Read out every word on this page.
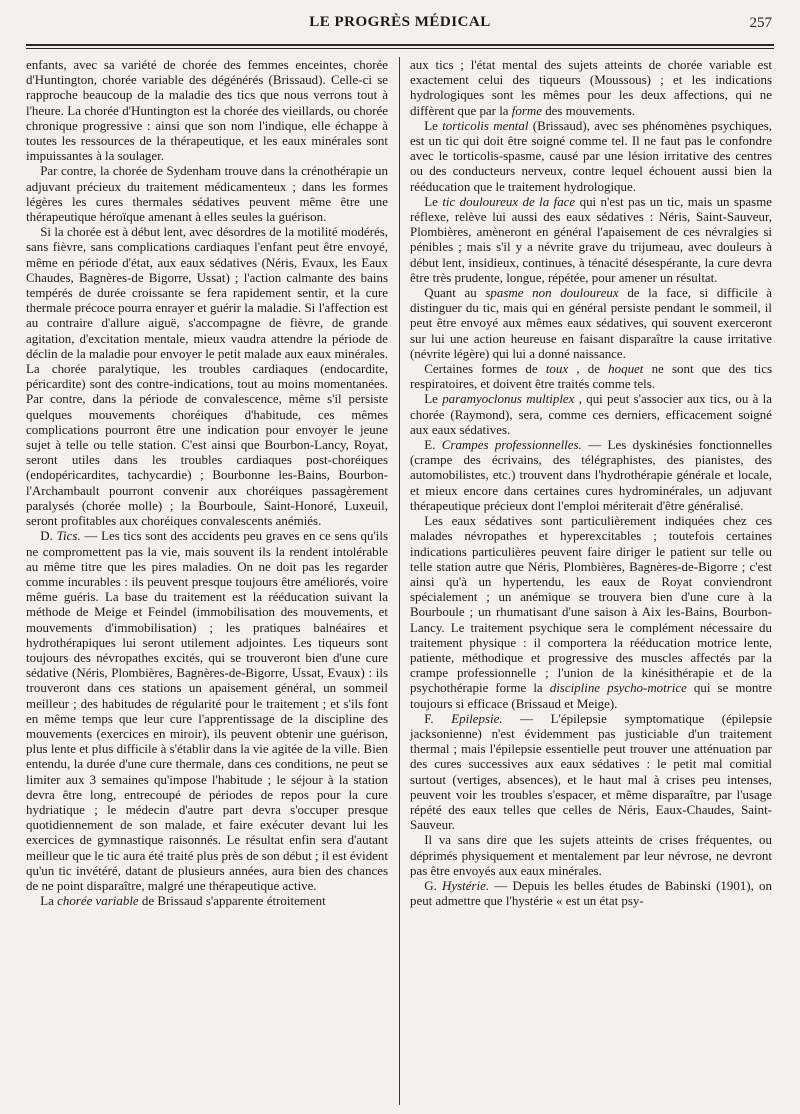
LE PROGRÈS MÉDICAL	257

enfants, avec sa variété de chorée des femmes enceintes, chorée d'Huntington, chorée variable des dégénérés (Brissaud). Celle-ci se rapproche beaucoup de la maladie des tics que nous verrons tout à l'heure. La chorée d'Huntington est la chorée des vieillards, ou chorée chronique progressive : ainsi que son nom l'indique, elle échappe à toutes les ressources de la thérapeutique, et les eaux minérales sont impuissantes à la soulager.

Par contre, la chorée de Sydenham trouve dans la crénothérapie un adjuvant précieux du traitement médicamenteux ; dans les formes légères les cures thermales sédatives peuvent même être une thérapeutique héroïque amenant à elles seules la guérison.

Si la chorée est à début lent, avec désordres de la motilité modérés, sans fièvre, sans complications cardiaques l'enfant peut être envoyé, même en période d'état, aux eaux sédatives (Néris, Evaux, les Eaux Chaudes, Bagnères-de Bigorre, Ussat) ; l'action calmante des bains tempérés de durée croissante se fera rapidement sentir, et la cure thermale précoce pourra enrayer et guérir la maladie. Si l'affection est au contraire d'allure aiguë, s'accompagne de fièvre, de grande agitation, d'excitation mentale, mieux vaudra attendre la période de déclin de la maladie pour envoyer le petit malade aux eaux minérales. La chorée paralytique, les troubles cardiaques (endocardite, péricardite) sont des contre-indications, tout au moins momentanées. Par contre, dans la période de convalescence, même s'il persiste quelques mouvements choréiques d'habitude, ces mêmes complications pourront être une indication pour envoyer le jeune sujet à telle ou telle station. C'est ainsi que Bourbon-Lancy, Royat, seront utiles dans les troubles cardiaques post-choréiques (endopéricardites, tachycardie) ; Bourbonne les-Bains, Bourbon-l'Archambault pourront convenir aux choréiques passagèrement paralysés (chorée molle) ; la Bourboule, Saint-Honoré, Luxeuil, seront profitables aux choréiques convalescents anémiés.

D. Tics. — Les tics sont des accidents peu graves en ce sens qu'ils ne compromettent pas la vie, mais souvent ils la rendent intolérable au même titre que les pires maladies. On ne doit pas les regarder comme incurables : ils peuvent presque toujours être améliorés, voire même guéris. La base du traitement est la rééducation suivant la méthode de Meige et Feindel (immobilisation des mouvements, et mouvements d'immobilisation) ; les pratiques balnéaires et hydrothérapiques lui seront utilement adjointes. Les tiqueurs sont toujours des névropathes excités, qui se trouveront bien d'une cure sédative (Néris, Plombières, Bagnères-de-Bigorre, Ussat, Evaux) : ils trouveront dans ces stations un apaisement général, un sommeil meilleur ; des habitudes de régularité pour le traitement ; et s'ils font en même temps que leur cure l'apprentissage de la discipline des mouvements (exercices en miroir), ils peuvent obtenir une guérison, plus lente et plus difficile à s'établir dans la vie agitée de la ville. Bien entendu, la durée d'une cure thermale, dans ces conditions, ne peut se limiter aux 3 semaines qu'impose l'habitude ; le séjour à la station devra être long, entrecoupé de périodes de repos pour la cure hydriatique ; le médecin d'autre part devra s'occuper presque quotidiennement de son malade, et faire exécuter devant lui les exercices de gymnastique raisonnés. Le résultat enfin sera d'autant meilleur que le tic aura été traité plus près de son début ; il est évident qu'un tic invétéré, datant de plusieurs années, aura bien des chances de ne point disparaître, malgré une thérapeutique active.

La chorée variable de Brissaud s'apparente étroitement

aux tics ; l'état mental des sujets atteints de chorée variable est exactement celui des tiqueurs (Moussous) ; et les indications hydrologiques sont les mêmes pour les deux affections, qui ne diffèrent que par la forme des mouvements.

Le torticolis mental (Brissaud), avec ses phénomènes psychiques, est un tic qui doit être soigné comme tel. Il ne faut pas le confondre avec le torticolis-spasme, causé par une lésion irritative des centres ou des conducteurs nerveux, contre lequel échouent aussi bien la rééducation que le traitement hydrologique.

Le tic douloureux de la face qui n'est pas un tic, mais un spasme réflexe, relève lui aussi des eaux sédatives : Néris, Saint-Sauveur, Plombières, amèneront en général l'apaisement de ces névralgies si pénibles ; mais s'il y a névrite grave du trijumeau, avec douleurs à début lent, insidieux, continues, à ténacité désespérante, la cure devra être très prudente, longue, répétée, pour amener un résultat.

Quant au spasme non douloureux de la face, si difficile à distinguer du tic, mais qui en général persiste pendant le sommeil, il peut être envoyé aux mêmes eaux sédatives, qui souvent exerceront sur lui une action heureuse en faisant disparaître la cause irritative (névrite légère) qui lui a donné naissance.

Certaines formes de toux , de hoquet ne sont que des tics respiratoires, et doivent être traités comme tels.

Le paramyoclonus multiplex , qui peut s'associer aux tics, ou à la chorée (Raymond), sera, comme ces derniers, efficacement soigné aux eaux sédatives.

E. Crampes professionnelles. — Les dyskinésies fonctionnelles (crampe des écrivains, des télégraphistes, des pianistes, des automobilistes, etc.) trouvent dans l'hydrothérapie générale et locale, et mieux encore dans certaines cures hydrominérales, un adjuvant thérapeutique précieux dont l'emploi mériterait d'être généralisé.

Les eaux sédatives sont particulièrement indiquées chez ces malades névropathes et hyperexcitables ; toutefois certaines indications particulières peuvent faire diriger le patient sur telle ou telle station autre que Néris, Plombières, Bagnères-de-Bigorre ; c'est ainsi qu'à un hypertendu, les eaux de Royat conviendront spécialement ; un anémique se trouvera bien d'une cure à la Bourboule ; un rhumatisant d'une saison à Aix les-Bains, Bourbon-Lancy. Le traitement psychique sera le complément nécessaire du traitement physique : il comportera la rééducation motrice lente, patiente, méthodique et progressive des muscles affectés par la crampe professionnelle ; l'union de la kinésithérapie et de la psychothérapie forme la discipline psycho-motrice qui se montre toujours si efficace (Brissaud et Meige).

F. Epilepsie. — L'épilepsie symptomatique (épilepsie jacksonienne) n'est évidemment pas justiciable d'un traitement thermal ; mais l'épilepsie essentielle peut trouver une atténuation par des cures successives aux eaux sédatives : le petit mal comitial surtout (vertiges, absences), et le haut mal à crises peu intenses, peuvent voir les troubles s'espacer, et même disparaître, par l'usage répété des eaux telles que celles de Néris, Eaux-Chaudes, Saint-Sauveur.

Il va sans dire que les sujets atteints de crises fréquentes, ou déprimés physiquement et mentalement par leur névrose, ne devront pas être envoyés aux eaux minérales.

G. Hystérie. — Depuis les belles études de Babinski (1901), on peut admettre que l'hystérie « est un état psy-
